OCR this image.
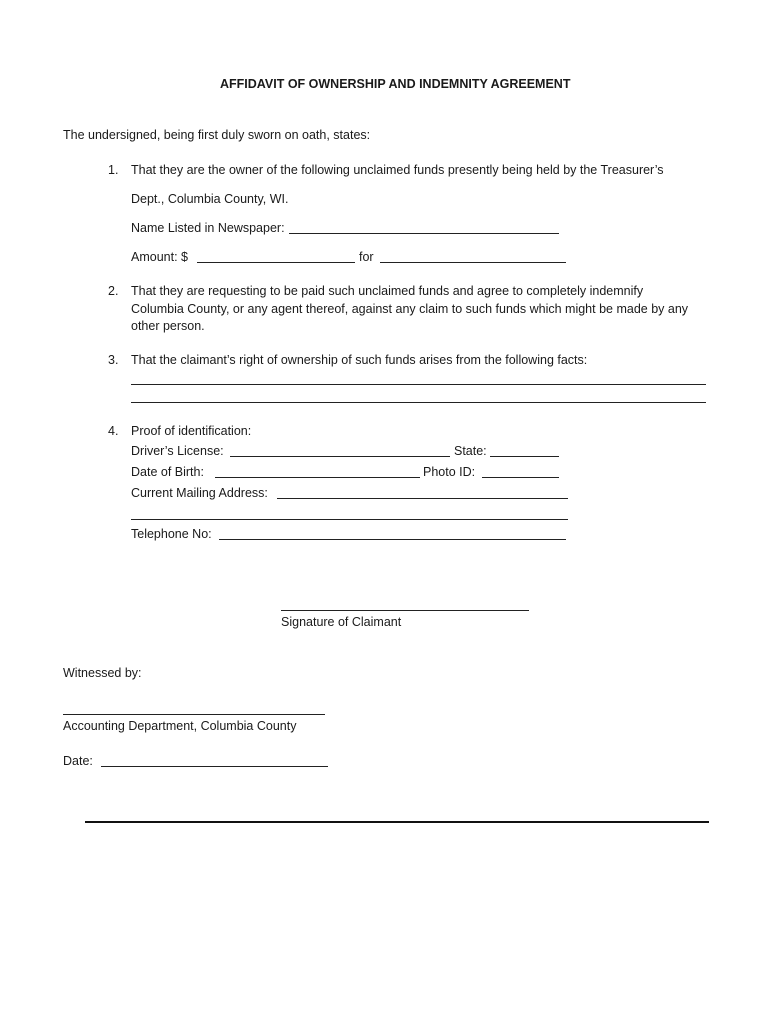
AFFIDAVIT OF OWNERSHIP AND INDEMNITY AGREEMENT
The undersigned, being first duly sworn on oath, states:
1. That they are the owner of the following unclaimed funds presently being held by the Treasurer’s
Dept., Columbia County, WI.
Name Listed in Newspaper:
Amount: $	for
2. That they are requesting to be paid such unclaimed funds and agree to completely indemnify
Columbia County, or any agent thereof, against any claim to such funds which might be made by any
other person.
3. That the claimant’s right of ownership of such funds arises from the following facts:
4. Proof of identification:
Driver’s License:	State:
Date of Birth:	Photo ID:
Current Mailing Address:
Telephone No:
Signature of Claimant
Witnessed by:
Accounting Department, Columbia County
Date:
